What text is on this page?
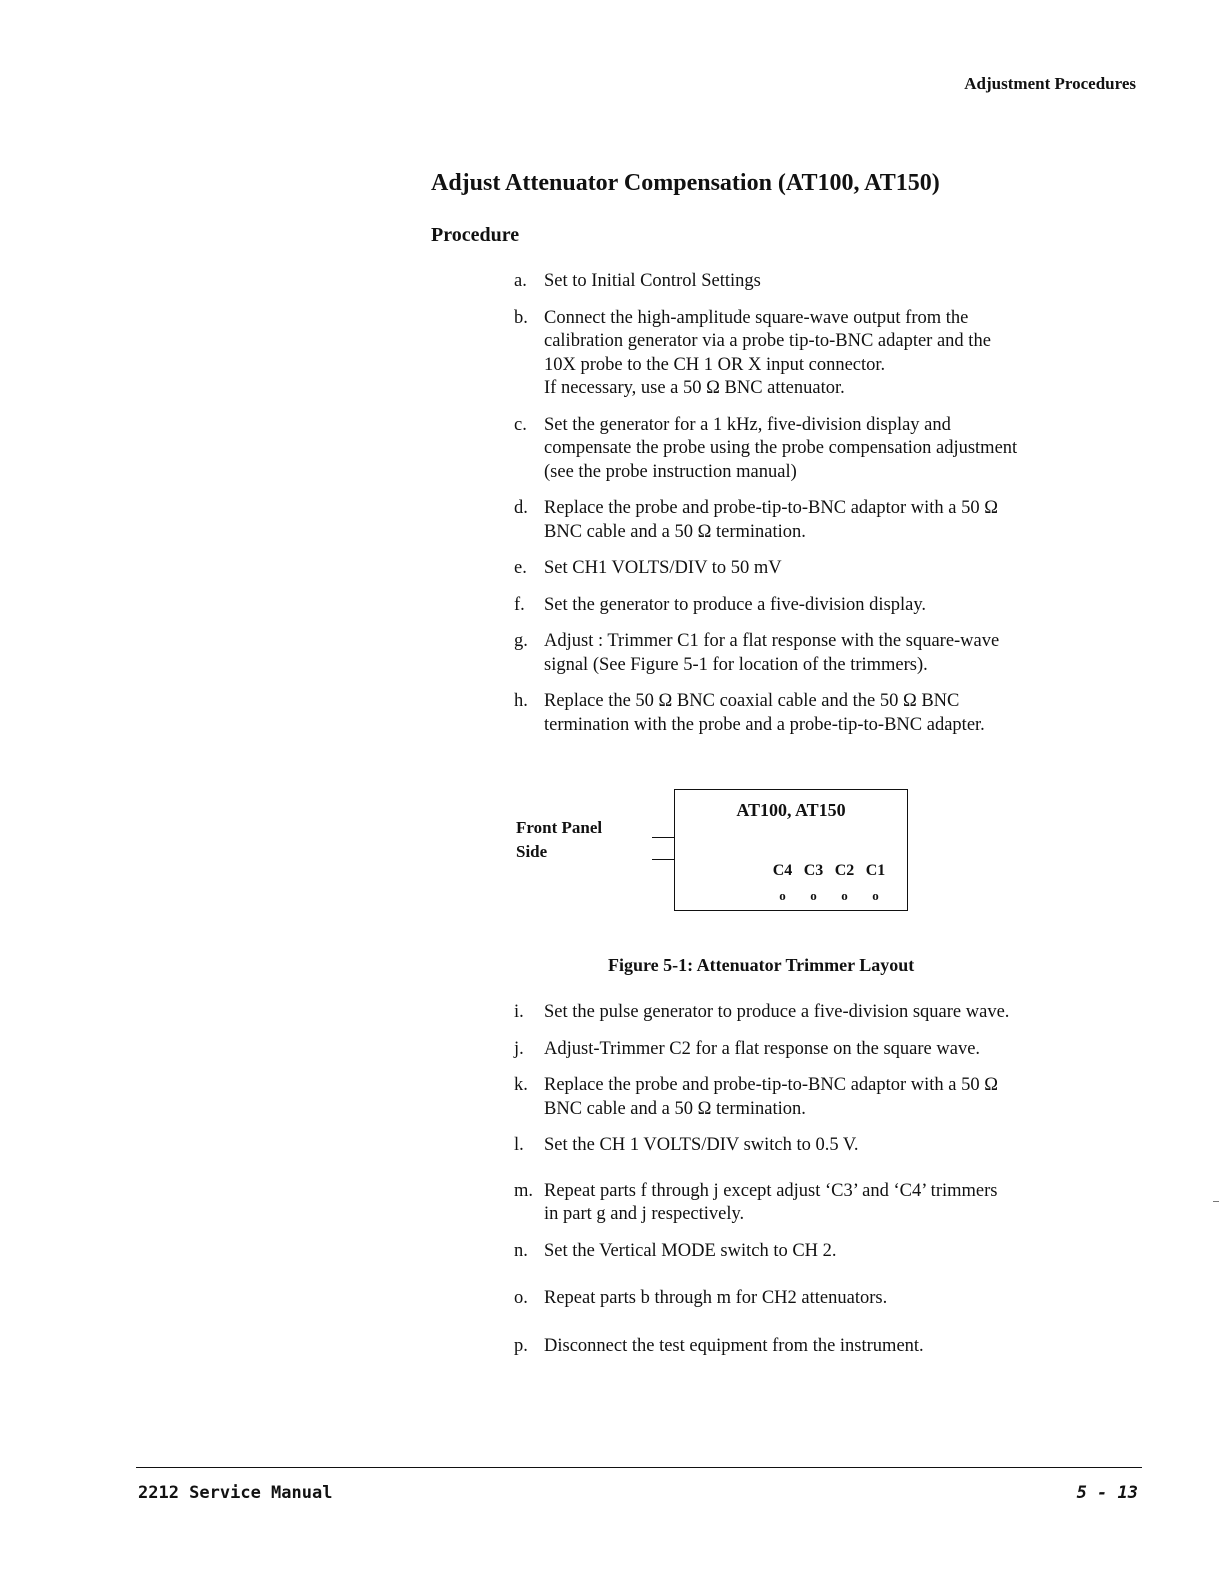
Adjustment Procedures
Adjust Attenuator Compensation (AT100, AT150)
Procedure
a. Set to Initial Control Settings
b. Connect the high-amplitude square-wave output from the
calibration generator via a probe tip-to-BNC adapter and the
10X probe to the CH 1 OR X input connector.
If necessary, use a 50 Ω BNC attenuator.
c. Set the generator for a 1 kHz, five-division display and
compensate the probe using the probe compensation adjustment
(see the probe instruction manual)
d. Replace the probe and probe-tip-to-BNC adaptor with a 50 Ω
BNC cable and a 50 Ω termination.
e. Set CH1 VOLTS/DIV to 50 mV
f. Set the generator to produce a five-division display.
g. Adjust : Trimmer C1 for a flat response with the square-wave
signal (See Figure 5-1 for location of the trimmers).
h. Replace the 50 Ω BNC coaxial cable and the 50 Ω BNC
termination with the probe and a probe-tip-to-BNC adapter.
Front Panel
Side
AT100, AT150
C4 C3 C2 C1
o	o	o	o
Figure 5-1: Attenuator Trimmer Layout
i. Set the pulse generator to produce a five-division square wave.
j. Adjust-Trimmer C2 for a flat response on the square wave.
k. Replace the probe and probe-tip-to-BNC adaptor with a 50 Ω
BNC cable and a 50 Ω termination.
l. Set the CH 1 VOLTS/DIV switch to 0.5 V.
m. Repeat parts f through j except adjust ‘C3’ and ‘C4’ trimmers
in part g and j respectively.
n. Set the Vertical MODE switch to CH 2.
o. Repeat parts b through m for CH2 attenuators.
p. Disconnect the test equipment from the instrument.
2212 Service Manual	5 - 13
